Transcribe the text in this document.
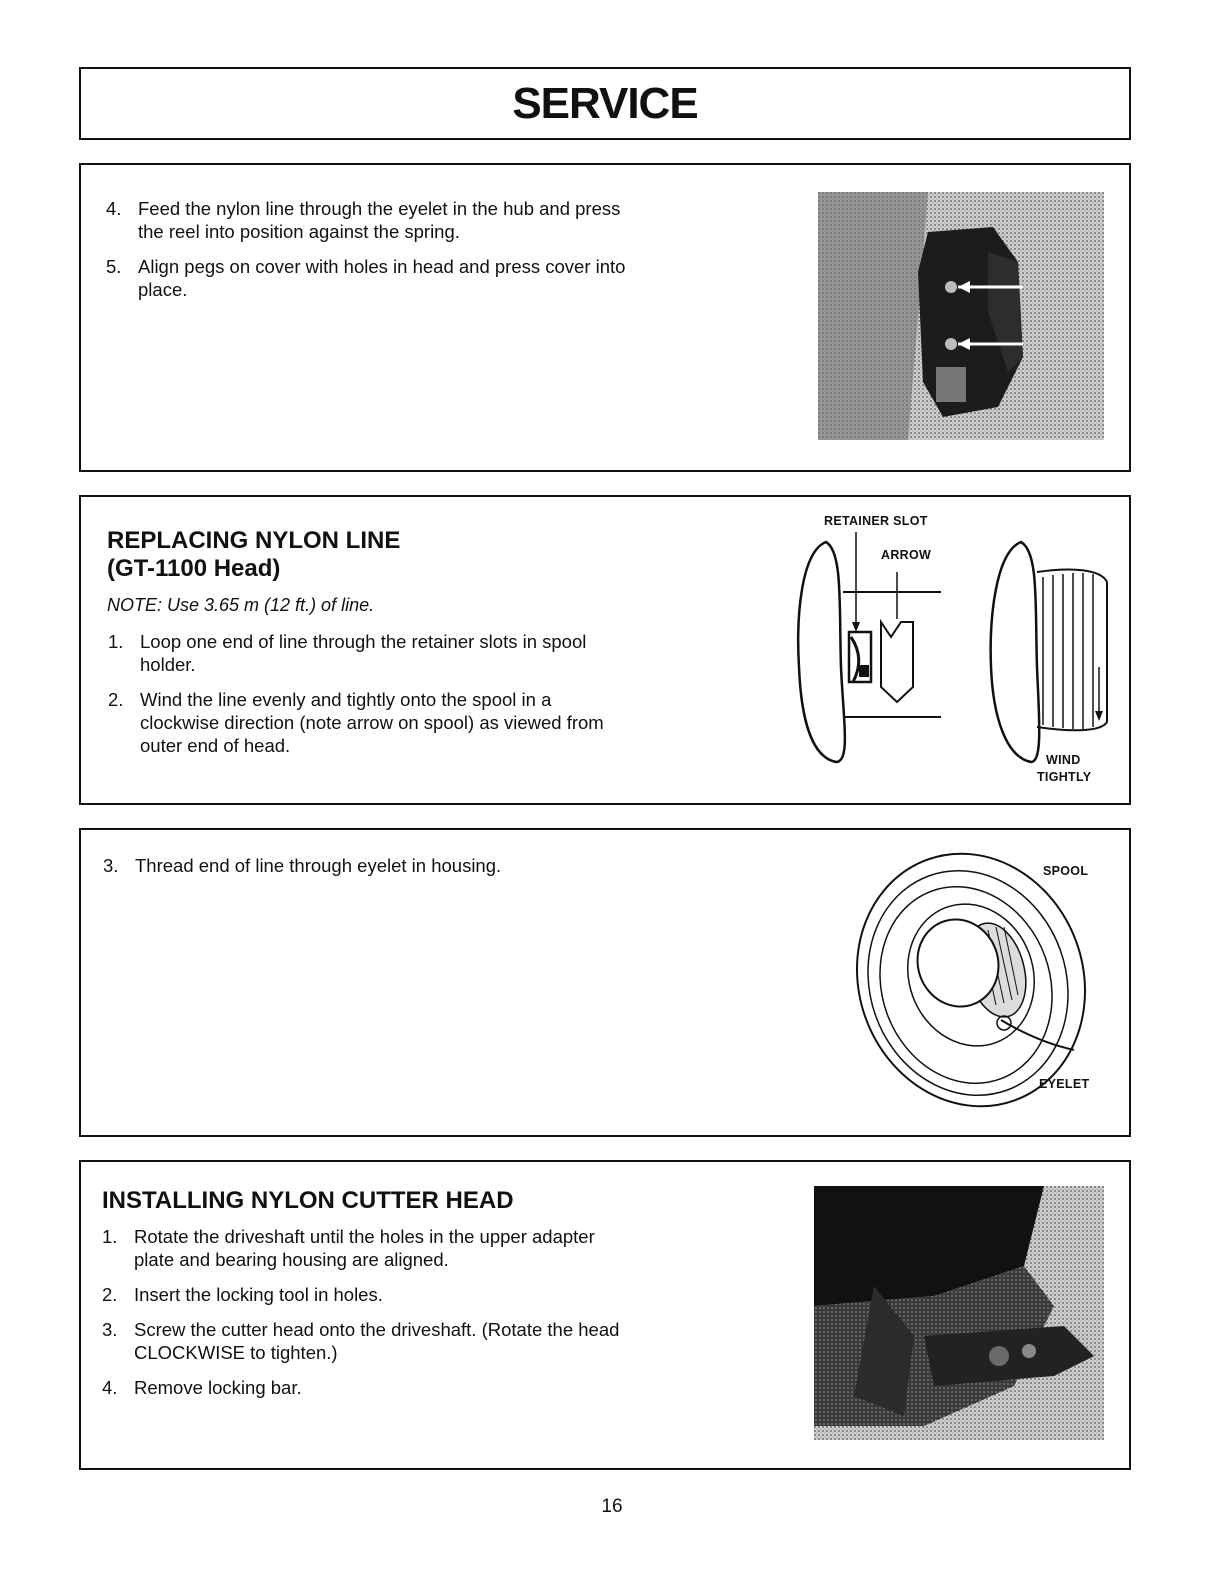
SERVICE
4. Feed the nylon line through the eyelet in the hub and press the reel into position against the spring.
5. Align pegs on cover with holes in head and press cover into place.
REPLACING NYLON LINE
(GT-1100 Head)

NOTE: Use 3.65 m (12 ft.) of line.

1. Loop one end of line through the retainer slots in spool holder.
2. Wind the line evenly and tightly onto the spool in a clockwise direction (note arrow on spool) as viewed from outer end of head.
RETAINER SLOT
ARROW
WIND
TIGHTLY
3. Thread end of line through eyelet in housing.	SPOOL
EYELET
INSTALLING NYLON CUTTER HEAD
1. Rotate the driveshaft until the holes in the upper adapter plate and bearing housing are aligned.
2. Insert the locking tool in holes.
3. Screw the cutter head onto the driveshaft. (Rotate the head CLOCKWISE to tighten.)
4. Remove locking bar.
16
